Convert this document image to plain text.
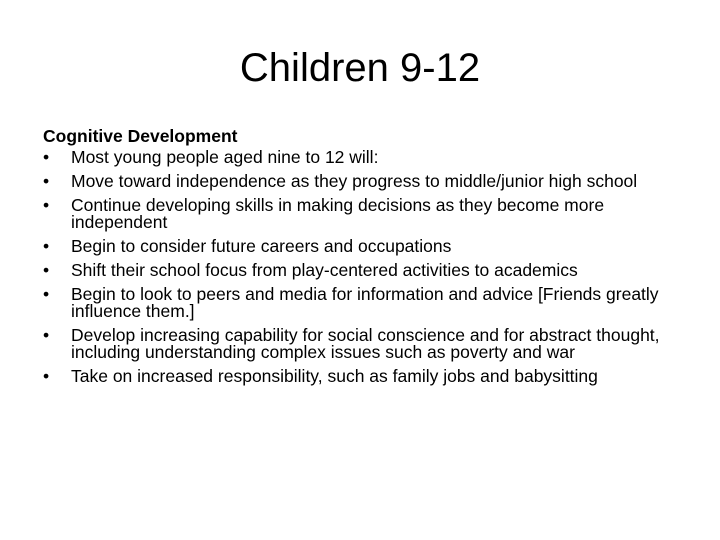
Children 9-12
Cognitive Development
•	Most young people aged nine to 12 will:
•	Move toward independence as they progress to middle/junior high school
•	Continue developing skills in making decisions as they become more independent
•	Begin to consider future careers and occupations
•	Shift their school focus from play-centered activities to academics
•	Begin to look to peers and media for information and advice [Friends greatly influence them.]
•	Develop increasing capability for social conscience and for abstract thought, including understanding complex issues such as poverty and war
•	Take on increased responsibility, such as family jobs and babysitting
